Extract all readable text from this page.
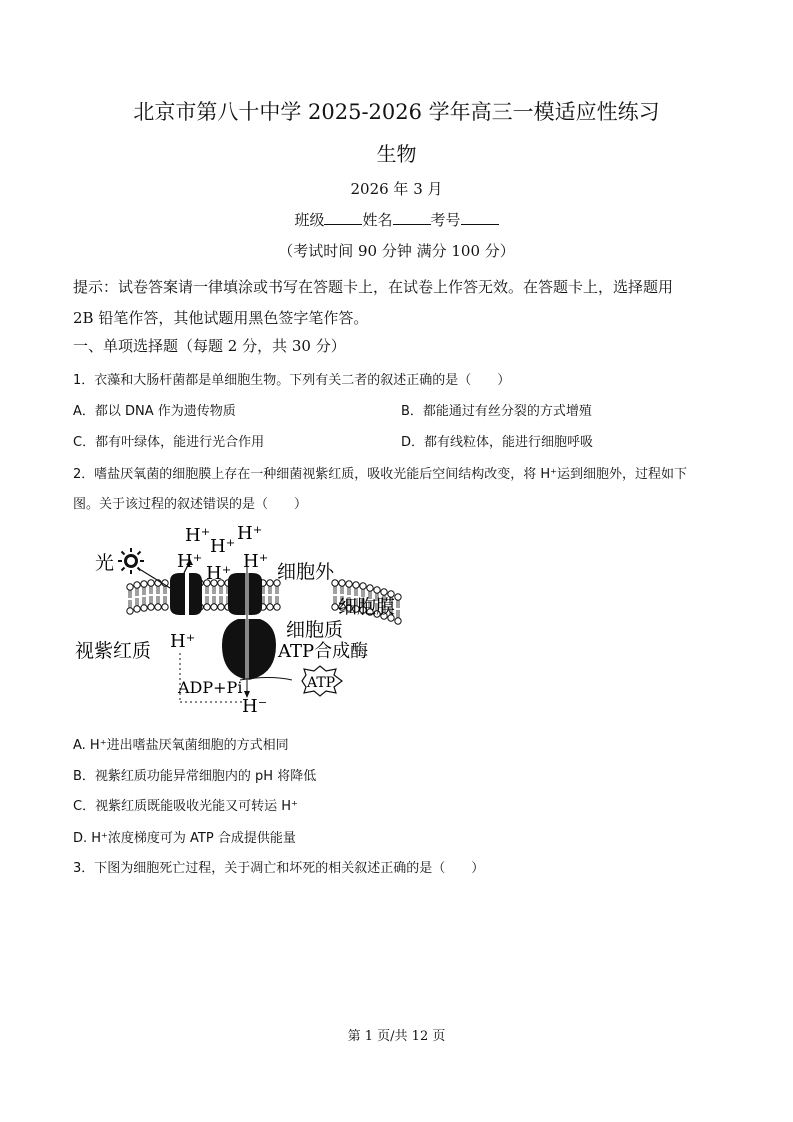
北京市第八十中学 2025-2026 学年高三一模适应性练习
生物
2026 年 3 月
班级	姓名	考号
（考试时间 90 分钟 满分 100 分）
提示：试卷答案请一律填涂或书写在答题卡上，在试卷上作答无效。在答题卡上，选择题用
2B 铅笔作答，其他试题用黑色签字笔作答。
一、单项选择题（每题 2 分，共 30 分）
1．衣藻和大肠杆菌都是单细胞生物。下列有关二者的叙述正确的是（　　）
A．都以 DNA 作为遗传物质	B．都能通过有丝分裂的方式增殖
C．都有叶绿体，能进行光合作用	D．都有线粒体，能进行细胞呼吸
2．嗜盐厌氧菌的细胞膜上存在一种细菌视紫红质，吸收光能后空间结构改变，将 H⁺运到细胞外，过程如下
图。关于该过程的叙述错误的是（　　）
光
H⁺
H⁺
H⁺
H⁺
H⁺
H⁺
H⁺
H⁻
细胞外
细胞膜
细胞质
ATP合成酶
视紫红质
ADP+Pi	ATP
A. H⁺进出嗜盐厌氧菌细胞的方式相同
B．视紫红质功能异常细胞内的 pH 将降低
C．视紫红质既能吸收光能又可转运 H⁺
D. H⁺浓度梯度可为 ATP 合成提供能量
3．下图为细胞死亡过程，关于凋亡和坏死的相关叙述正确的是（　　）
第 1 页/共 12 页
